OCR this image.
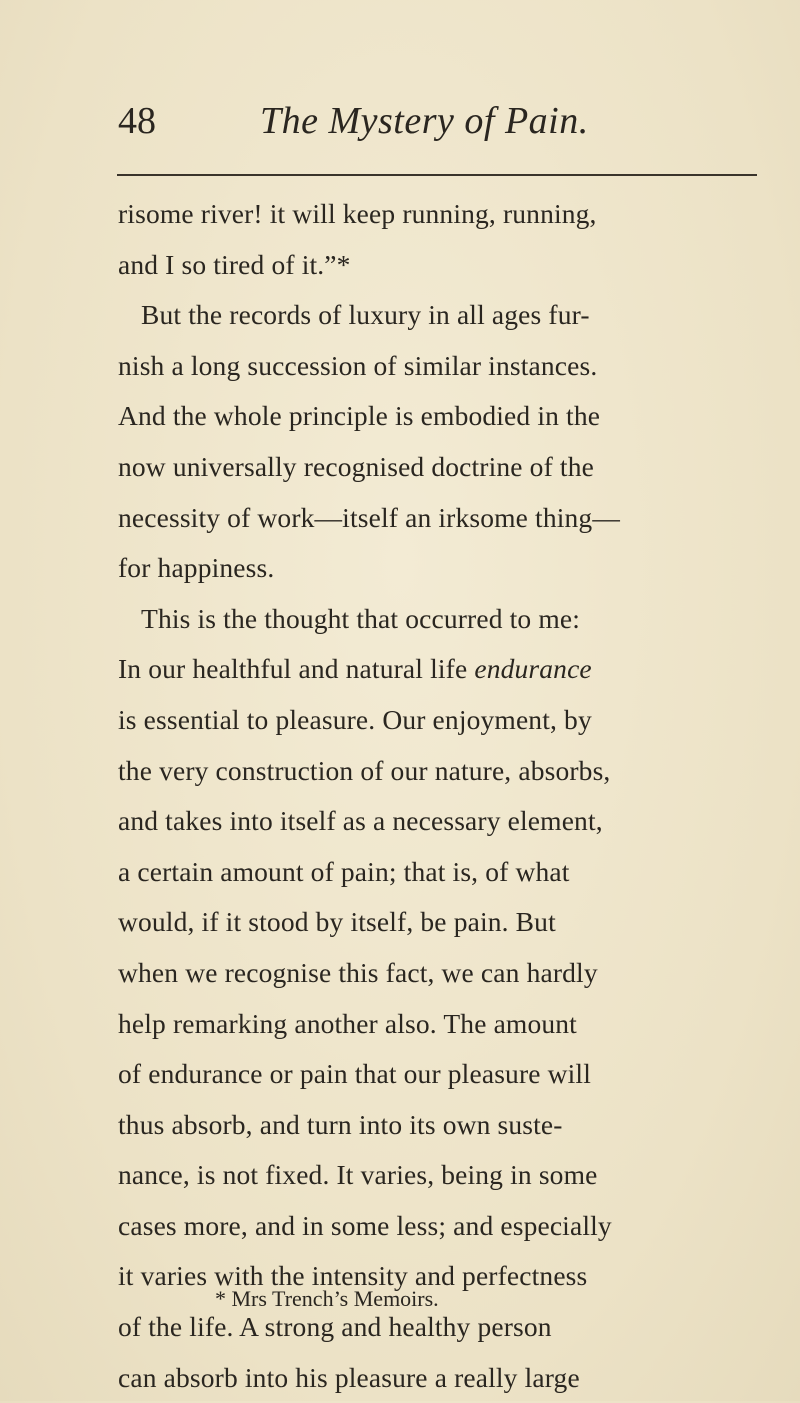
48	The Mystery of Pain.
risome river! it will keep running, running,
and I so tired of it.”*
But the records of luxury in all ages fur-
nish a long succession of similar instances.
And the whole principle is embodied in the
now universally recognised doctrine of the
necessity of work—itself an irksome thing—
for happiness.
This is the thought that occurred to me:
In our healthful and natural life endurance
is essential to pleasure. Our enjoyment, by
the very construction of our nature, absorbs,
and takes into itself as a necessary element,
a certain amount of pain; that is, of what
would, if it stood by itself, be pain. But
when we recognise this fact, we can hardly
help remarking another also. The amount
of endurance or pain that our pleasure will
thus absorb, and turn into its own suste-
nance, is not fixed. It varies, being in some
cases more, and in some less; and especially
it varies with the intensity and perfectness
of the life. A strong and healthy person
can absorb into his pleasure a really large
* Mrs Trench’s Memoirs.
